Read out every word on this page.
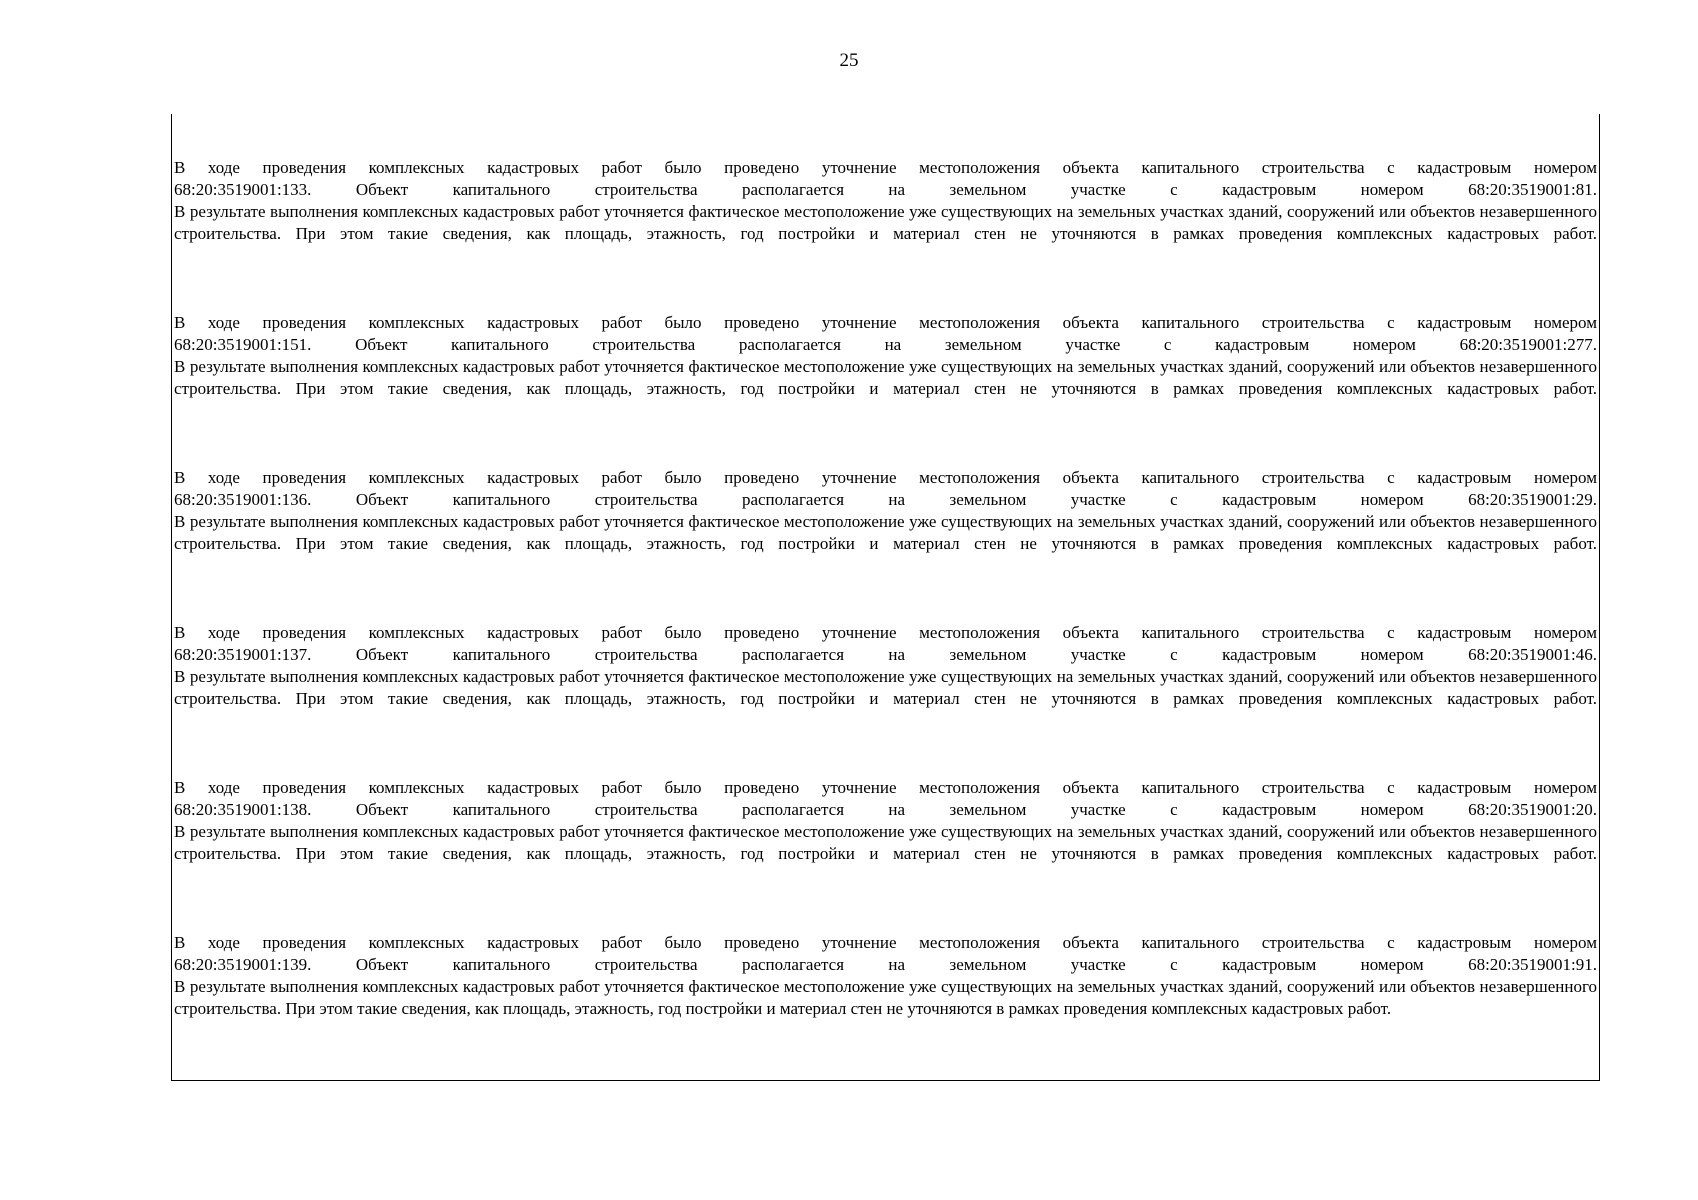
25

В ходе проведения комплексных кадастровых работ было проведено уточнение местоположения объекта капитального строительства с кадастровым номером

68:20:3519001:133. Объект капитального строительства располагается на земельном участке с кадастровым номером 68:20:3519001:81.

В результате выполнения комплексных кадастровых работ уточняется фактическое местоположение уже существующих на земельных участках зданий, сооружений или объектов незавершенного строительства. При этом такие сведения, как площадь, этажность, год постройки и материал стен не уточняются в рамках проведения комплексных кадастровых работ.

В ходе проведения комплексных кадастровых работ было проведено уточнение местоположения объекта капитального строительства с кадастровым номером

68:20:3519001:151. Объект капитального строительства располагается на земельном участке с кадастровым номером 68:20:3519001:277.

В результате выполнения комплексных кадастровых работ уточняется фактическое местоположение уже существующих на земельных участках зданий, сооружений или объектов незавершенного строительства. При этом такие сведения, как площадь, этажность, год постройки и материал стен не уточняются в рамках проведения комплексных кадастровых работ.

В ходе проведения комплексных кадастровых работ было проведено уточнение местоположения объекта капитального строительства с кадастровым номером

68:20:3519001:136. Объект капитального строительства располагается на земельном участке с кадастровым номером 68:20:3519001:29.

В результате выполнения комплексных кадастровых работ уточняется фактическое местоположение уже существующих на земельных участках зданий, сооружений или объектов незавершенного строительства. При этом такие сведения, как площадь, этажность, год постройки и материал стен не уточняются в рамках проведения комплексных кадастровых работ.

В ходе проведения комплексных кадастровых работ было проведено уточнение местоположения объекта капитального строительства с кадастровым номером

68:20:3519001:137. Объект капитального строительства располагается на земельном участке с кадастровым номером 68:20:3519001:46.

В результате выполнения комплексных кадастровых работ уточняется фактическое местоположение уже существующих на земельных участках зданий, сооружений или объектов незавершенного строительства. При этом такие сведения, как площадь, этажность, год постройки и материал стен не уточняются в рамках проведения комплексных кадастровых работ.

В ходе проведения комплексных кадастровых работ было проведено уточнение местоположения объекта капитального строительства с кадастровым номером

68:20:3519001:138. Объект капитального строительства располагается на земельном участке с кадастровым номером 68:20:3519001:20.

В результате выполнения комплексных кадастровых работ уточняется фактическое местоположение уже существующих на земельных участках зданий, сооружений или объектов незавершенного строительства. При этом такие сведения, как площадь, этажность, год постройки и материал стен не уточняются в рамках проведения комплексных кадастровых работ.

В ходе проведения комплексных кадастровых работ было проведено уточнение местоположения объекта капитального строительства с кадастровым номером

68:20:3519001:139. Объект капитального строительства располагается на земельном участке с кадастровым номером 68:20:3519001:91.

В результате выполнения комплексных кадастровых работ уточняется фактическое местоположение уже существующих на земельных участках зданий, сооружений или объектов незавершенного строительства. При этом такие сведения, как площадь, этажность, год постройки и материал стен не уточняются в рамках проведения комплексных кадастровых работ.
